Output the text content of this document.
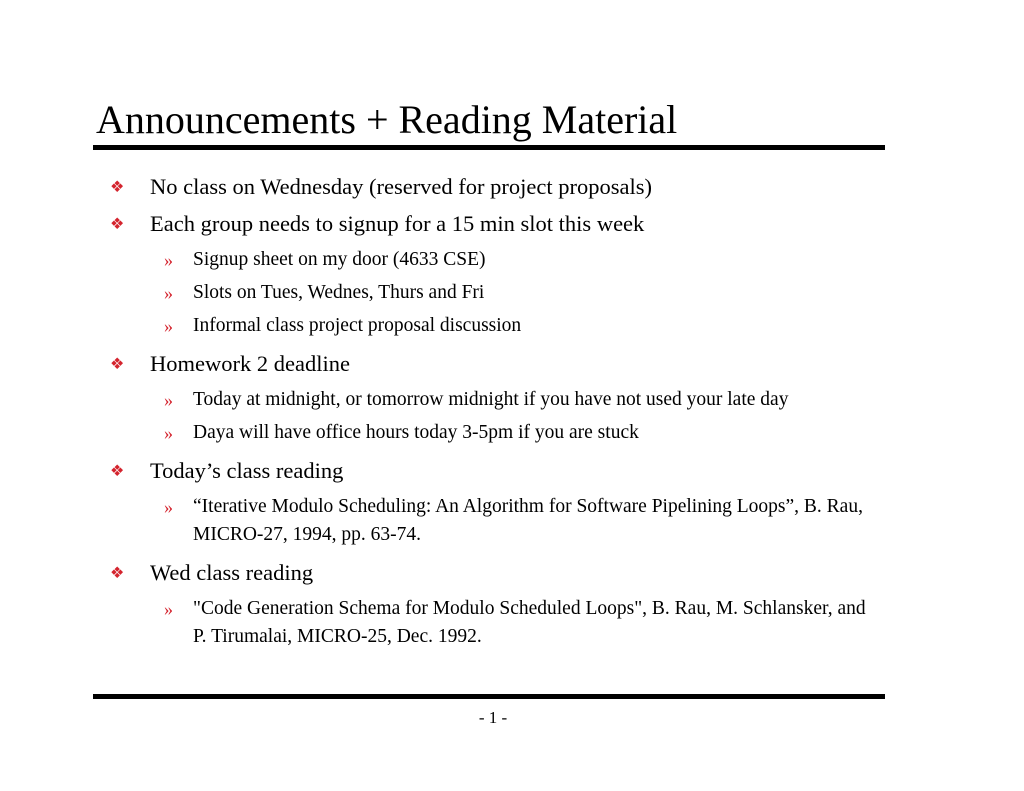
Announcements + Reading Material
❖ No class on Wednesday (reserved for project proposals)
❖ Each group needs to signup for a 15 min slot this week
» Signup sheet on my door (4633 CSE)
» Slots on Tues, Wednes, Thurs and Fri
» Informal class project proposal discussion
❖ Homework 2 deadline
» Today at midnight, or tomorrow midnight if you have not used your late day
» Daya will have office hours today 3-5pm if you are stuck
❖ Today’s class reading
» “Iterative Modulo Scheduling: An Algorithm for Software Pipelining Loops”, B. Rau, MICRO-27, 1994, pp. 63-74.
❖ Wed class reading
» "Code Generation Schema for Modulo Scheduled Loops", B. Rau, M. Schlansker, and P. Tirumalai, MICRO-25, Dec. 1992.
- 1 -
